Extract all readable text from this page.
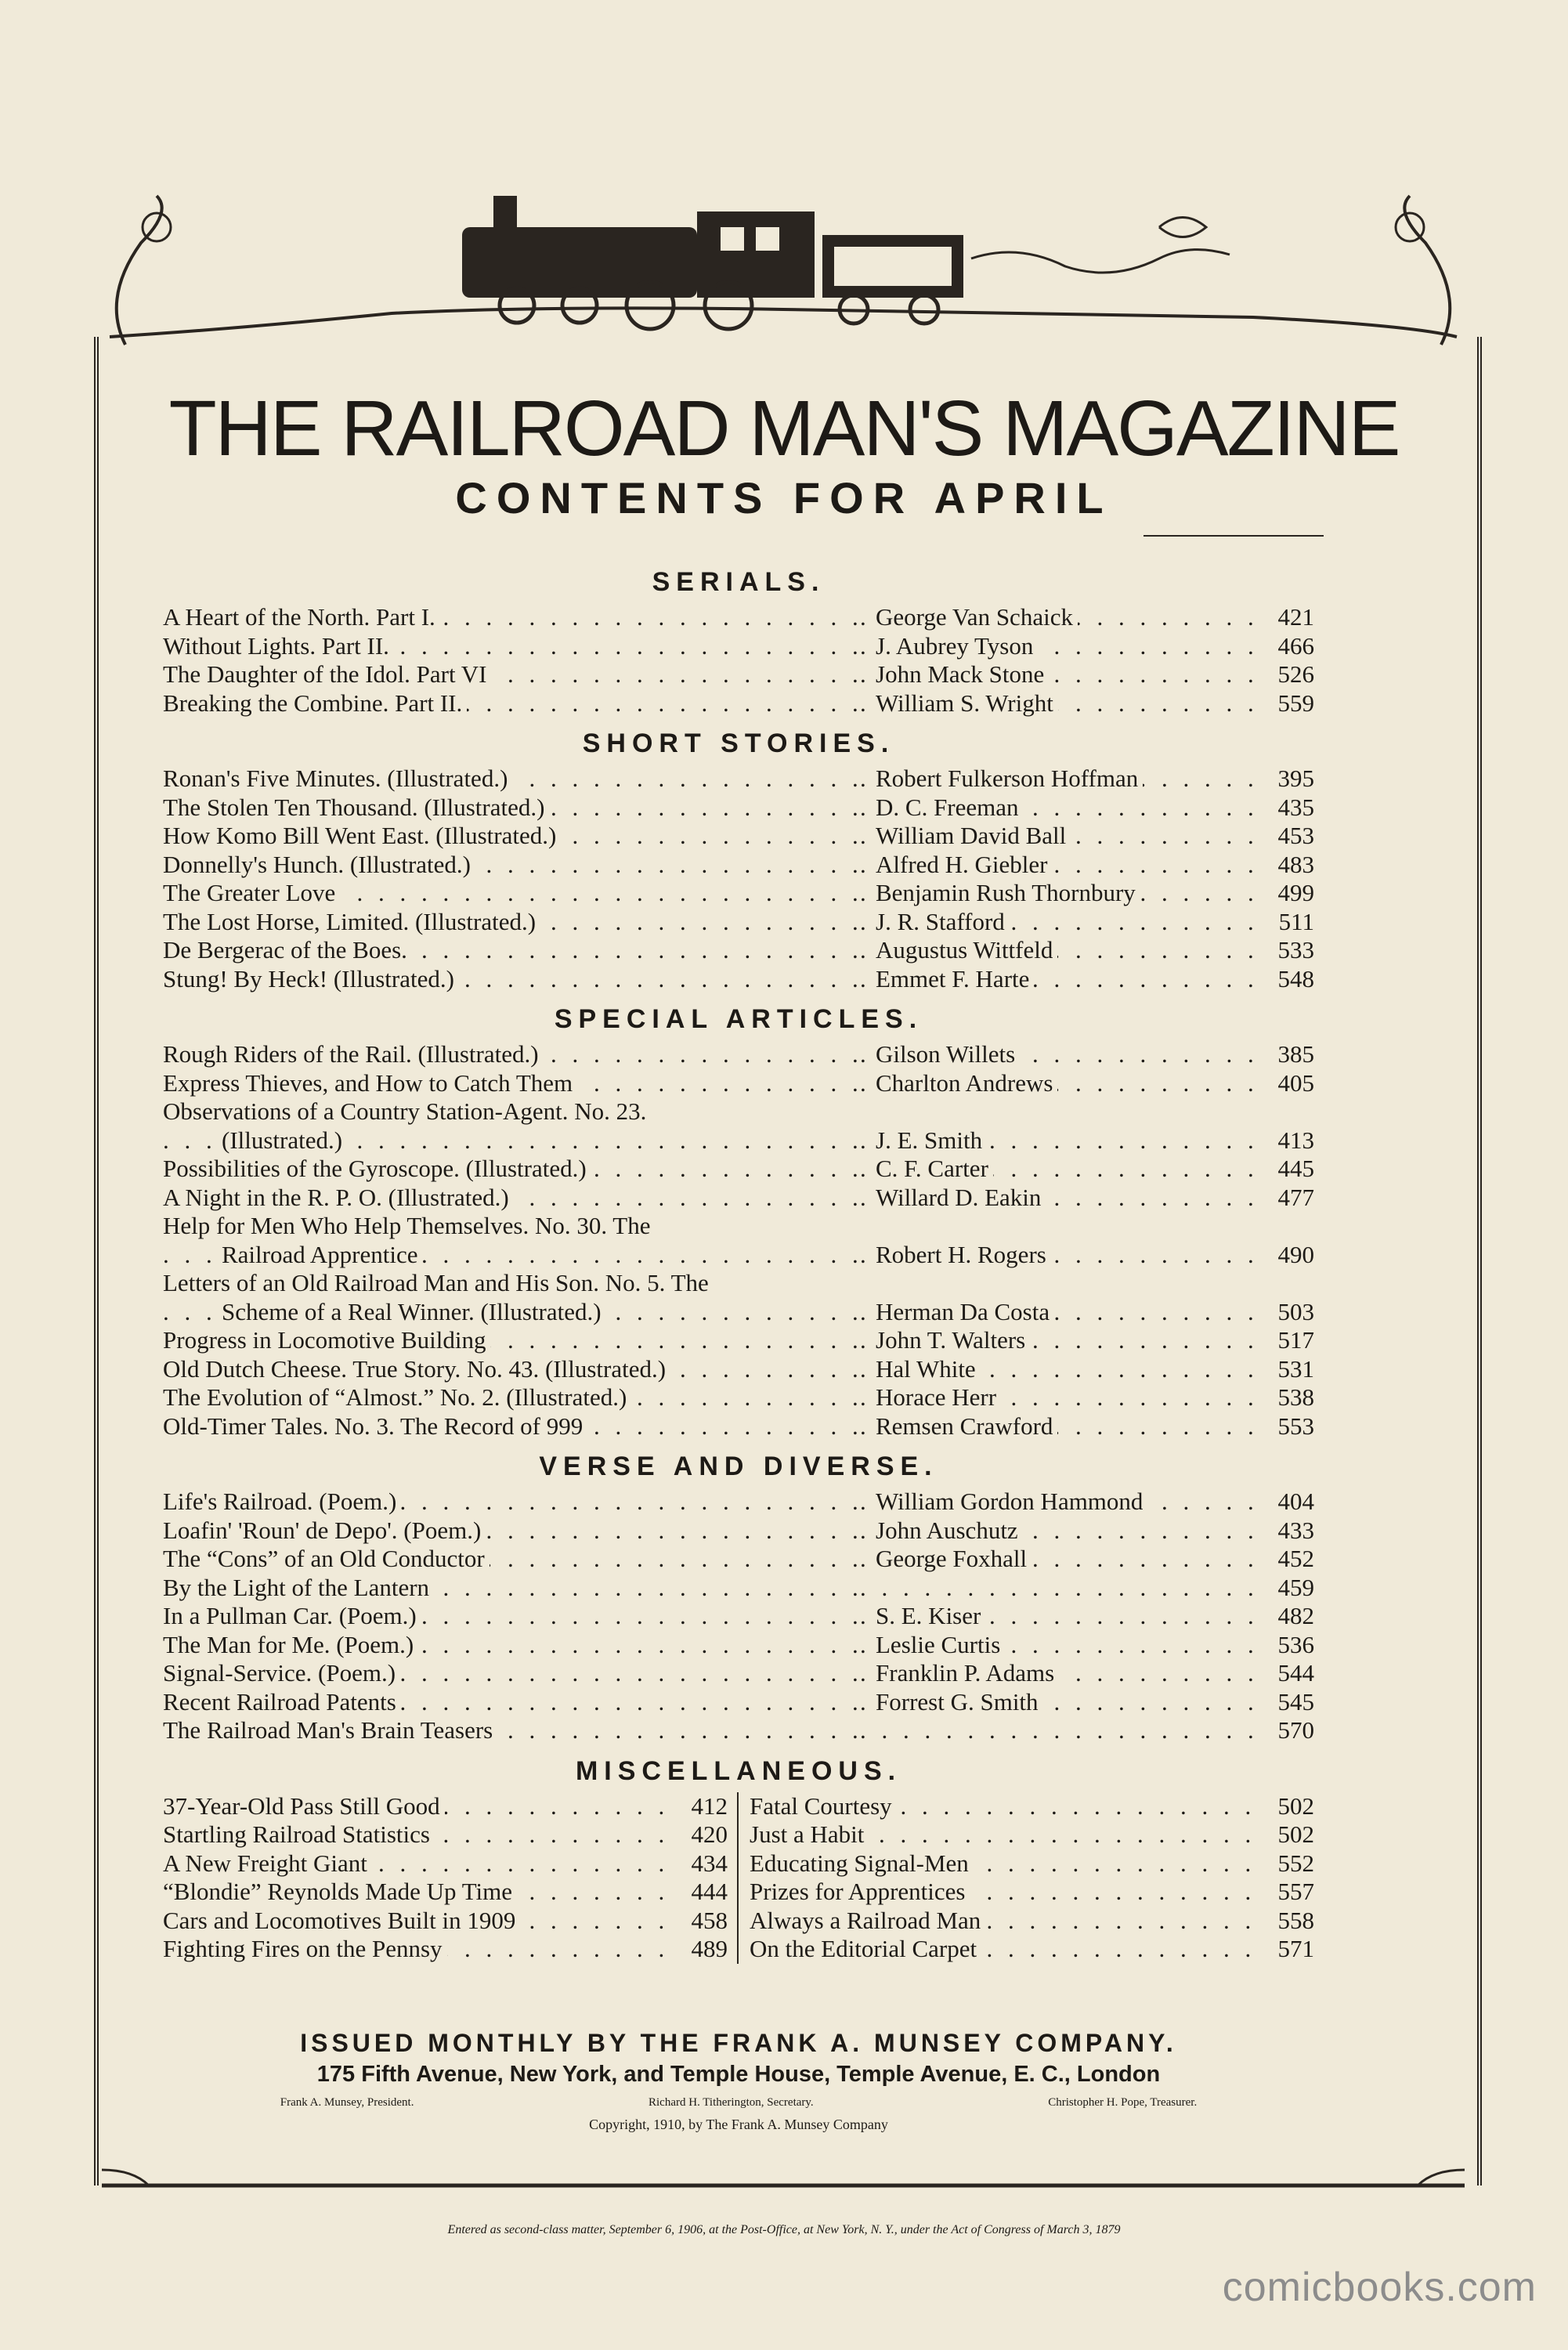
THE RAILROAD MAN'S MAGAZINE
CONTENTS FOR APRIL
SERIALS.
A Heart of the North. Part I. . . .	George Van Schaick . . .	421
Without Lights. Part II. . . .	J. Aubrey Tyson . . .	466
The Daughter of the Idol. Part VI . . .	John Mack Stone . . .	526
Breaking the Combine. Part II. . . .	William S. Wright . . .	559
SHORT STORIES.
Ronan's Five Minutes. (Illustrated.) . . .	Robert Fulkerson Hoffman . . .	395
The Stolen Ten Thousand. (Illustrated.) . . .	D. C. Freeman . . .	435
How Komo Bill Went East. (Illustrated.) . . .	William David Ball . . .	453
Donnelly's Hunch. (Illustrated.) . . .	Alfred H. Giebler . . .	483
The Greater Love . . .	Benjamin Rush Thornbury . . .	499
The Lost Horse, Limited. (Illustrated.) . . .	J. R. Stafford . . .	511
De Bergerac of the Boes. . . .	Augustus Wittfeld . . .	533
Stung! By Heck! (Illustrated.) . . .	Emmet F. Harte . . .	548
SPECIAL ARTICLES.
Rough Riders of the Rail. (Illustrated.) . . .	Gilson Willets . . .	385
Express Thieves, and How to Catch Them . . .	Charlton Andrews . . .	405
Observations of a Country Station-Agent. No. 23.
(Illustrated.) . . .	J. E. Smith . . .	413
Possibilities of the Gyroscope. (Illustrated.) . . .	C. F. Carter . . .	445
A Night in the R. P. O. (Illustrated.) . . .	Willard D. Eakin . . .	477
Help for Men Who Help Themselves. No. 30. The
Railroad Apprentice . . .	Robert H. Rogers . . .	490
Letters of an Old Railroad Man and His Son. No. 5. The
Scheme of a Real Winner. (Illustrated.) . . .	Herman Da Costa . . .	503
Progress in Locomotive Building . . .	John T. Walters . . .	517
Old Dutch Cheese. True Story. No. 43. (Illustrated.) . . .	Hal White . . .	531
The Evolution of “Almost.” No. 2. (Illustrated.) . . .	Horace Herr . . .	538
Old-Timer Tales. No. 3. The Record of 999 . . .	Remsen Crawford . . .	553
VERSE AND DIVERSE.
Life's Railroad. (Poem.) . . .	William Gordon Hammond . . .	404
Loafin' 'Roun' de Depo'. (Poem.) . . .	John Auschutz . . .	433
The “Cons” of an Old Conductor . . .	George Foxhall . . .	452
By the Light of the Lantern . . . . . .	459
In a Pullman Car. (Poem.) . . .	S. E. Kiser . . .	482
The Man for Me. (Poem.) . . .	Leslie Curtis . . .	536
Signal-Service. (Poem.) . . .	Franklin P. Adams . . .	544
Recent Railroad Patents . . .	Forrest G. Smith . . .	545
The Railroad Man's Brain Teasers . . . . . .	570
MISCELLANEOUS.
37-Year-Old Pass Still Good . . .	412
Startling Railroad Statistics . . .	420
A New Freight Giant . . .	434
“Blondie” Reynolds Made Up Time . . .	444
Cars and Locomotives Built in 1909 . . .	458
Fighting Fires on the Pennsy . . .	489
Fatal Courtesy . . .	502
Just a Habit . . .	502
Educating Signal-Men . . .	552
Prizes for Apprentices . . .	557
Always a Railroad Man . . .	558
On the Editorial Carpet . . .	571
ISSUED MONTHLY BY THE FRANK A. MUNSEY COMPANY.
175 Fifth Avenue, New York, and Temple House, Temple Avenue, E. C., London
Frank A. Munsey, President.	Richard H. Titherington, Secretary.	Christopher H. Pope, Treasurer.
Copyright, 1910, by The Frank A. Munsey Company
Entered as second-class matter, September 6, 1906, at the Post-Office, at New York, N. Y., under the Act of Congress of March 3, 1879
comicbooks.com
